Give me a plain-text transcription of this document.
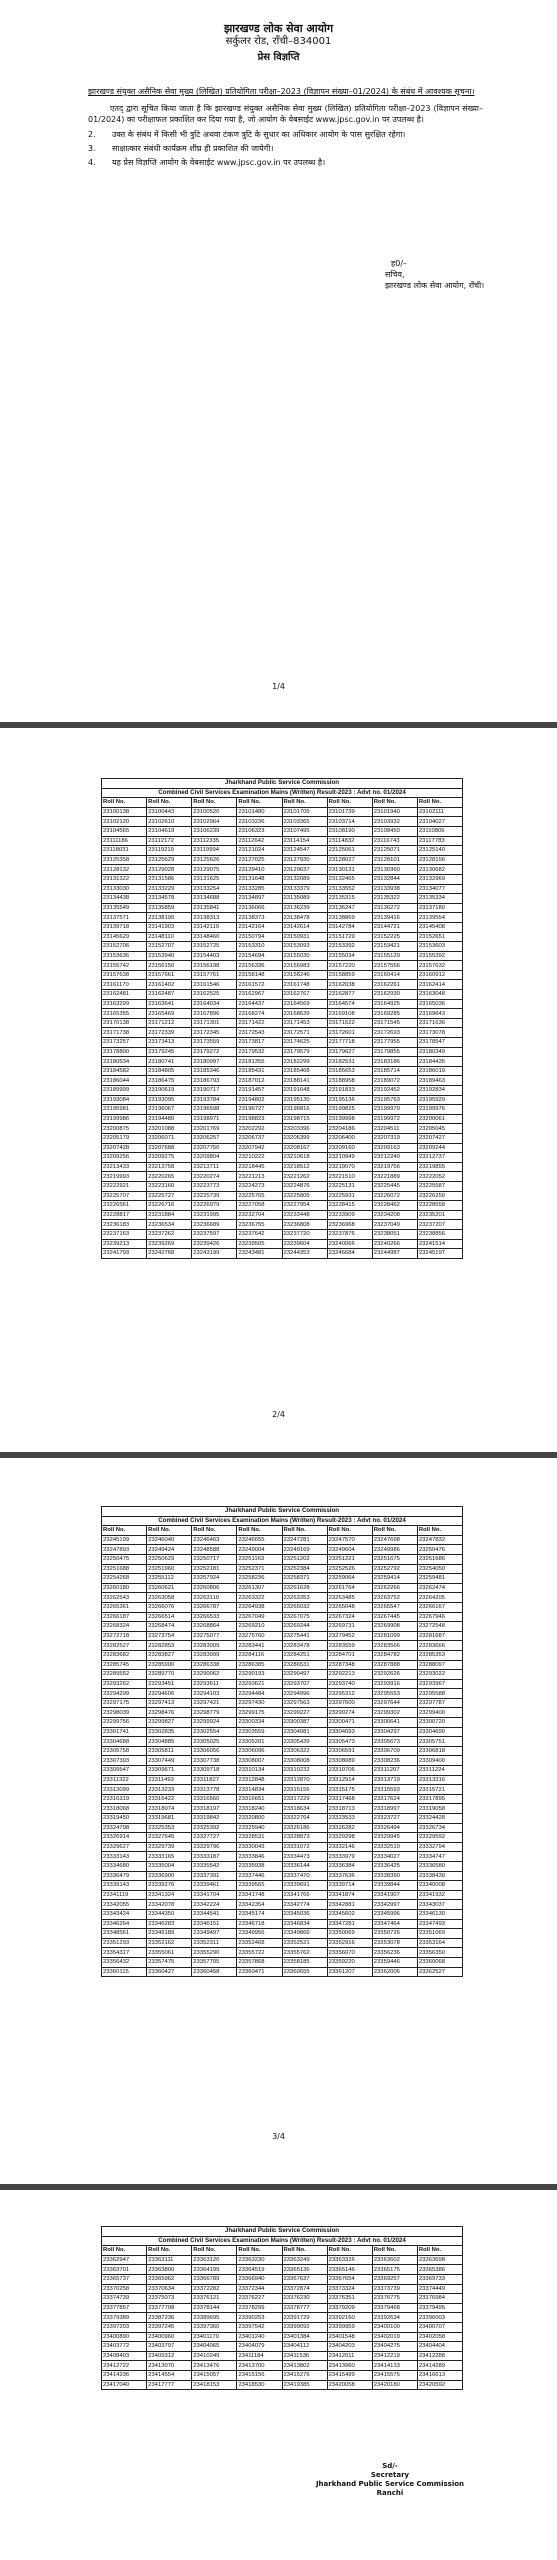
झारखण्ड लोक सेवा आयोग
सर्कुलर रोड, राँची–834001
प्रेस विज्ञप्ति
झारखण्ड संयुक्त असैनिक सेवा मुख्य (लिखित) प्रतियोगिता परीक्षा–2023 (विज्ञापन संख्या–01/2024) के संबंध में आवश्यक सूचना।
एतद् द्वारा सूचित किया जाता है कि झारखण्ड संयुक्त असैनिक सेवा मुख्य (लिखित) प्रतियोगिता परीक्षा–2023 (विज्ञापन संख्या–01/2024) का परीक्षाफल प्रकाशित कर दिया गया है, जो आयोग के वेबसाईट www.jpsc.gov.in पर उपलब्ध है।
2.	उक्त के संबंध में किसी भी त्रुटि अथवा टंकण त्रुटि के सुधार का अधिकार आयोग के पास सुरक्षित रहेगा।
3.	साक्षात्कार संबंधी कार्यक्रम शीघ्र ही प्रकाशित की जायेगी।
4.	यह प्रेस विज्ञप्ति आयोग के वेबसाईट www.jpsc.gov.in पर उपलब्ध है।
ह0/–
सचिव,
झारखण्ड लोक सेवा आयोग, राँची।
1/4
Jharkhand Public Service Commission							
Combined Civil Services Examination Mains (Written) Result-2023 : Advt no. 01/2024							
Roll No.	Roll No.	Roll No.	Roll No.	Roll No.	Roll No.	Roll No.	Roll No.
23100138	23100443	23100520	23101480	23101705	23101739	23101940	23102111
23102120	23102610	23102964	23103236	23103365	23103714	23103932	23104027
23104565	23104619	23106239	23106323	23107495	23108190	23108450	23110806
23111186	23112172	23112335	23112642	23114154	23114832	23116743	23117783
23118031	23119219	23119994	23121024	23124547	23125061	23125071	23125140
23125358	23125629	23125626	23127025	23127930	23128027	23128101	23128156
23128132	23129028	23129075	23129410	23129637	23130131	23130360	23130682
23131322	23131586	23131625	23131648	23132089	23132465	23132844	23132969
23133030	23133229	23133254	23133285	23133379	23133552	23133938	23134077
23134438	23134578	23134688	23134897	23135089	23135315	23135322	23135334
23135549	23135859	23135841	23136066	23136239	23136247	23136272	23137180
23137571	23138190	23138313	23138373	23138478	23138869	23139416	23139554
23139718	23141903	23142119	23142164	23142614	23142784	23144721	23145408
23145629	23148110	23148460	23150794	23150931	23151729	23152225	23152651
23152706	23152707	23152725	23153310	23153093	23153392	23153421	23153603
23153636	23153940	23154403	23154694	23155030	23155034	23155129	23155392
23155742	23156150	23156198	23156336	23156983	23157220	23157556	23157632
23157638	23157661	23157761	23158148	23158246	23158859	23160414	23160912
23161170	23161402	23161546	23161572	23161748	23162038	23162261	23162414
23162481	23162487	23162525	23162967	23162767	23162877	23162930	23163048
23163299	23163641	23164034	23164437	23164569	23164574	23164925	23165036
23165355	23165469	23167896	23168274	23168639	23169108	23169285	23169643
23170138	23171212	23171301	23171422	23171453	23171522	23171545	23171636
23171738	23172339	23172345	23172543	23172571	23172601	23172693	23173078
23173257	23173413	23173559	23173817	23174625	23177718	23177955	23178547
23178800	23179245	23179272	23179532	23179579	23179627	23179855	23180349
23180534	23180741	23180997	23181355	23182299	23182531	23183186	23184435
23184582	23184805	23185346	23185431	23185468	23185653	23185714	23186019
23186044	23186475	23186793	23187012	23188141	23188958	23189072	23189463
23189999	23190619	23190717	23191457	23191648	23191833	23192452	23192834
23193084	23193095	23193784	23194802	23195130	23195136	23195763	23195929
23195981	23196067	23196598	23196727	23196816	23199825	23199970	23199976
23199986	23194480	23198971	23198823	23198715	23199998	23199972	23200061
23200875	23201088	23201769	23202292	23203396	23204186	23204511	23205045
23205179	23206071	23206257	23206737	23206399	23206400	23207319	23207427
23207428	23207688	23207750	23207942	23208167	23209160	23209163	23209244
23209256	23209275	23209804	23210222	23210618	23210949	23212240	23212737
23213433	23213758	23213711	23218445	23218512	23219070	23219756	23219855
23219993	23220265	23220274	23221213	23221262	23221510	23221889	23222052
23222921	23223160	23223773	23224273	23224876	23225131	23225445	23225587
23225707	23225727	23225739	23225765	23225805	23225931	23226072	23226250
23226561	23226716	23226979	23227058	23227954	23228415	23228462	23228658
23228817	23231884	23231995	23232704	23233448	23233909	23234208	23235201
23236183	23236534	23236689	23236755	23236808	23236968	23237049	23237207
23237163	23237262	23237597	23237642	23237720	23237876	23238051	23238856
23239213	23239269	23239426	23239505	23239604	23240066	23240266	23241514
23241793	23242768	23243199	23243481	23244353	23246684	23244987	23245197
2/4
Jharkhand Public Service Commission							
Combined Civil Services Examination Mains (Written) Result-2023 : Advt no. 01/2024							
Roll No.	Roll No.	Roll No.	Roll No.	Roll No.	Roll No.	Roll No.	Roll No.
23245199	23246040	23246463	23246655	23247281	23247570	23247698	23247832
23247893	23249424	23248588	23249004	23249169	23249604	23249986	23250476
23250475	23250629	23250717	23251163	23251202	23251221	23251675	23251686
23251688	23251960	23252181	23252371	23252384	23252526	23252792	23254050
23254268	23255112	23257924	23258236	23258371	23259064	23259414	23259481
23260180	23260621	23260806	23261307	23261628	23261764	23262266	23262474
23262543	23263058	23263110	23263322	23263353	23263485	23263752	23264205
23265361	23266076	23266787	23264938	23265032	23265048	23265547	23266167
23266187	23266514	23266533	23267049	23267075	23267324	23267445	23267946
23268324	23268474	23268864	23269210	23269244	23269731	23269908	23272548
23272718	23273754	23275077	23275760	23275441	23279452	23281099	23281687
23282527	23282853	23283009	23283441	23283478	23283559	23283566	23283666
23283682	23283827	23283999	23284116	23284251	23284701	23284782	23285353
23285745	23285900	23286338	23286385	23286531	23287348	23287888	23288097
23289552	23289770	23290062	23290193	23290497	23292213	23292626	23293022
23293262	23293451	23293611	23293621	23293707	23293740	23293916	23293967
23294299	23294606	23294103	23294484	23294996	23295312	23295553	23295588
23297175	23297413	23297421	23297430	23297563	23297600	23297644	23297787
23298039	23298476	23298779	23299175	23299227	23299274	23299302	23299400
23299756	23299827	23299924	23300334	23300387	23300471	23300641	23300720
23301741	23302835	23302554	23303559	23304081	23304093	23304297	23304690
23304688	23304885	23305025	23305201	23305439	23305473	23305673	23305751
23305758	23305811	23306056	23306096	23306322	23306591	23306709	23306818
23307393	23307449	23307738	23308007	23308008	23308089	23308236	23309400
23309547	23309671	23309718	23310134	23310232	23310706	23311207	23311224
23311322	23311493	23311827	23312848	23312870	23312914	23313719	23313316
23313099	23313233	23313778	23314834	23315156	23315175	23315593	23315721
23316319	23316422	23316560	23316651	23317229	23317468	23317624	23317895
23318068	23318074	23318197	23318240	23318634	23318713	23318997	23319058
23319450	23319681	23319842	23320800	23322764	23323533	23323727	23324428
23324798	23325353	23325392	23325940	23326186	23326282	23326494	23326734
23326914	23327645	23327727	23328531	23328873	23329298	23329945	23329592
23329627	23329739	23329796	23330043	23331072	23332146	23332510	23332794
23333143	23333165	23333187	23333846	23334473	23333979	23334027	23334747
23334680	23335004	23335542	23335938	23336144	23336384	23336425	23336580
23336479	23336900	23337391	23337446	23337470	23337636	23338390	23338430
23339143	23339276	23339461	23339565	23339691	23339714	23339844	23340008
23341119	23341324	23341704	23341748	23341766	23341874	23341907	23341932
23342055	23342078	23342224	23342354	23342774	23342881	23342997	23343037
23343424	23344350	23344541	23345174	23345036	23345602	23345996	23346130
23346264	23346283	23346151	23346718	23346834	23347281	23347464	23347493
23348561	23349189	23349497	23349956	23349866	23350069	23350726	23351069
23351293	23352162	23352311	23352468	23352521	23352916	23353078	23353164
23354317	23355061	23355290	23355722	23355762	23356070	23356236	23356350
23356432	23357475	23357705	23357868	23358185	23359220	23359446	23360068
23360115	23360427	23360458	23360471	23360655	23361207	23362006	23362527
3/4
Jharkhand Public Service Commission							
Combined Civil Services Examination Mains (Written) Result-2023 : Advt no. 01/2024							
Roll No.	Roll No.	Roll No.	Roll No.	Roll No.	Roll No.	Roll No.	Roll No.
23362947	23363111	23363120	23363230	23363249	23363326	23363602	23363698
23363701	23363800	23364199	23364519	23365136	23365146	23365175	23365386
23365737	23365962	23366789	23366940	23367637	23367654	23369257	23369733
23370258	23370634	23372282	23372344	23372874	23373324	23373739	23374449
23374739	23375073	23376121	23376227	23376230	23376351	23376775	23376984
23377857	23377708	23378144	23378299	23378777	23379209	23379468	23379495
23379389	23387236	23389695	23390253	23391729	23392160	23392634	23396003
23397203	23397245	23397360	23397542	23399092	23399959	23400100	23400707
23400890	23400960	23401170	23401240	23401384	23401548	23402019	23402058
23403772	23403797	23404065	23404079	23404112	23404203	23404275	23404404
23408403	23409312	23410249	23411184	23411536	23412011	23412219	23412288
23412722	23413070	23413476	23413700	23413802	23413960	23414133	23414289
23414236	23414554	23415057	23415156	23415276	23415499	23415575	23416613
23417040	23417777	23418153	23418530	23419385	23420058	23420180	23420592
Sd/-
Secretary
Jharkhand Public Service Commission
Ranchi
